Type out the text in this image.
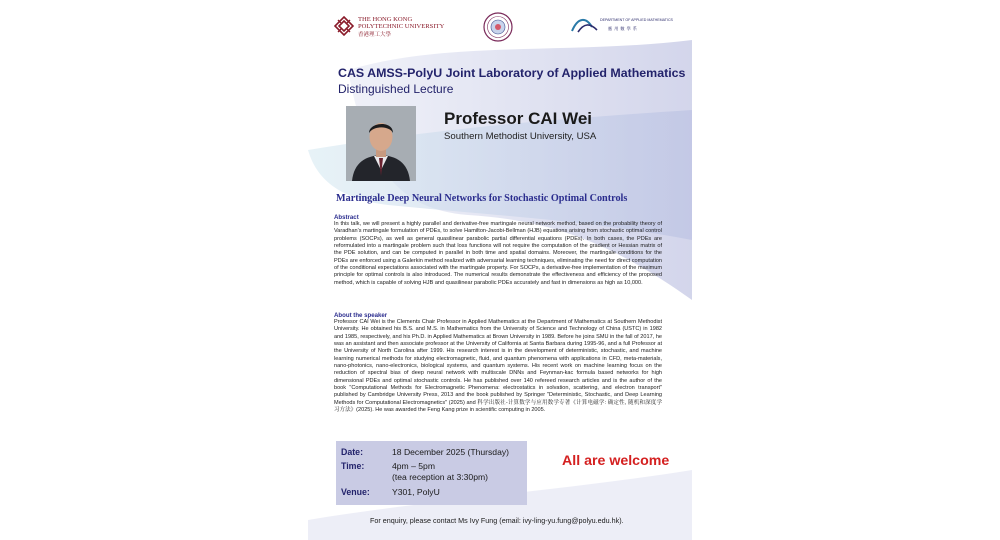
THE HONG KONG
POLYTECHNIC UNIVERSITY
香港理工大學
DEPARTMENT OF APPLIED MATHEMATICS
應用數學系
CAS AMSS-PolyU Joint Laboratory of Applied Mathematics
Distinguished Lecture
Professor CAI Wei
Southern Methodist University, USA
Martingale Deep Neural Networks for Stochastic Optimal Controls
Abstract
In this talk, we will present a highly parallel and derivative-free martingale neural network method, based on the probability theory of Varadhan's martingale formulation of PDEs, to solve Hamilton-Jacobi-Bellman (HJB) equations arising from stochastic optimal control problems (SOCPs), as well as general quasilinear parabolic partial differential equations (PDEs). In both cases, the PDEs are reformulated into a martingale problem such that loss functions will not require the computation of the gradient or Hessian matrix of the PDE solution, and can be computed in parallel in both time and spatial domains. Moreover, the martingale conditions for the PDEs are enforced using a Galerkin method realized with adversarial learning techniques, eliminating the need for direct computation of the conditional expectations associated with the martingale property. For SOCPs, a derivative-free implementation of the maximum principle for optimal controls is also introduced. The numerical results demonstrate the effectiveness and efficiency of the proposed method, which is capable of solving HJB and quasilinear parabolic PDEs accurately and fast in dimensions as high as 10,000.
About the speaker
Professor CAI Wei is the Clements Chair Professor in Applied Mathematics at the Department of Mathematics at Southern Methodist University. He obtained his B.S. and M.S. in Mathematics from the University of Science and Technology of China (USTC) in 1982 and 1985, respectively, and his Ph.D. in Applied Mathematics at Brown University in 1989. Before he joins SMU in the fall of 2017, he was an assistant and then associate professor at the University of California at Santa Barbara during 1995-96, and a full Professor at the University of North Carolina after 1999. His research interest is in the development of deterministic, stochastic, and machine learning numerical methods for studying electromagnetic, fluid, and quantum phenomena with applications in CFD, meta-materials, nano-photonics, nano-electronics, biological systems, and quantum systems. His recent work on machine learning focus on the reduction of spectral bias of deep neural network with multiscale DNNs and Feynman-kac formula based networks for high dimensional PDEs and optimal stochastic controls. He has published over 140 refereed research articles and is the author of the book "Computational Methods for Electromagnetic Phenomena: electrostatics in solvation, scattering, and electron transport" published by Cambridge University Press, 2013 and the book published by Springer "Deterministic, Stochastic, and Deep Learning Methods for Computational Electromagnetics" (2025) and 科学出版社-计算数学与应用数学专著《计算电磁学: 确定性, 随机和深度学习方法》(2025). He was awarded the Feng Kang prize in scientific computing in 2005.
Date:	18 December 2025 (Thursday)
Time:	4pm – 5pm
(tea reception at 3:30pm)
Venue:	Y301, PolyU
All are welcome
For enquiry, please contact Ms Ivy Fung (email: ivy-ling-yu.fung@polyu.edu.hk).
